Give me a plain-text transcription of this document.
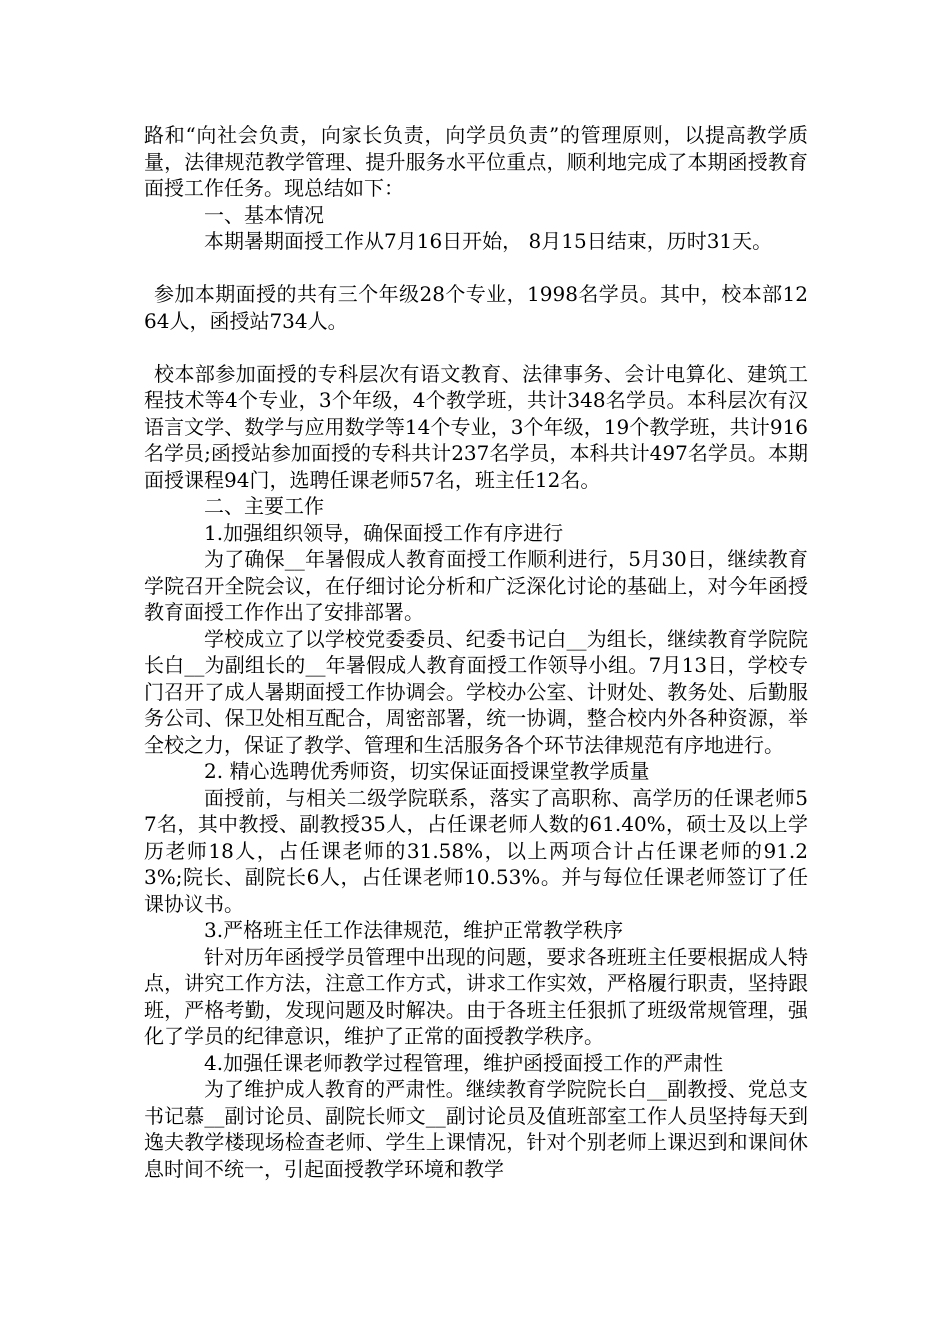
路和“向社会负责，向家长负责，向学员负责”的管理原则，以提高教学质量，法律规范教学管理、提升服务水平位重点，顺利地完成了本期函授教育面授工作任务。现总结如下：

一、基本情况

本期暑期面授工作从7月16日开始， 8月15日结束，历时31天。

参加本期面授的共有三个年级28个专业，1998名学员。其中，校本部1264人，函授站734人。

校本部参加面授的专科层次有语文教育、法律事务、会计电算化、建筑工程技术等4个专业，3个年级，4个教学班，共计348名学员。本科层次有汉语言文学、数学与应用数学等14个专业，3个年级，19个教学班，共计916名学员;函授站参加面授的专科共计237名学员，本科共计497名学员。本期面授课程94门，选聘任课老师57名，班主任12名。

二、主要工作

1.加强组织领导，确保面授工作有序进行

为了确保__年暑假成人教育面授工作顺利进行，5月30日，继续教育学院召开全院会议，在仔细讨论分析和广泛深化讨论的基础上，对今年函授教育面授工作作出了安排部署。

学校成立了以学校党委委员、纪委书记白__为组长，继续教育学院院长白__为副组长的__年暑假成人教育面授工作领导小组。7月13日，学校专门召开了成人暑期面授工作协调会。学校办公室、计财处、教务处、后勤服务公司、保卫处相互配合，周密部署，统一协调，整合校内外各种资源，举全校之力，保证了教学、管理和生活服务各个环节法律规范有序地进行。

2. 精心选聘优秀师资，切实保证面授课堂教学质量

面授前，与相关二级学院联系，落实了高职称、高学历的任课老师57名，其中教授、副教授35人，占任课老师人数的61.40%，硕士及以上学历老师18人，占任课老师的31.58%，以上两项合计占任课老师的91.23%;院长、副院长6人，占任课老师10.53%。并与每位任课老师签订了任课协议书。

3.严格班主任工作法律规范，维护正常教学秩序

针对历年函授学员管理中出现的问题，要求各班班主任要根据成人特点，讲究工作方法，注意工作方式，讲求工作实效，严格履行职责，坚持跟班，严格考勤，发现问题及时解决。由于各班主任狠抓了班级常规管理，强化了学员的纪律意识，维护了正常的面授教学秩序。

4.加强任课老师教学过程管理，维护函授面授工作的严肃性

为了维护成人教育的严肃性。继续教育学院院长白__副教授、党总支书记慕__副讨论员、副院长师文__副讨论员及值班部室工作人员坚持每天到逸夫教学楼现场检查老师、学生上课情况，针对个别老师上课迟到和课间休息时间不统一，引起面授教学环境和教学
